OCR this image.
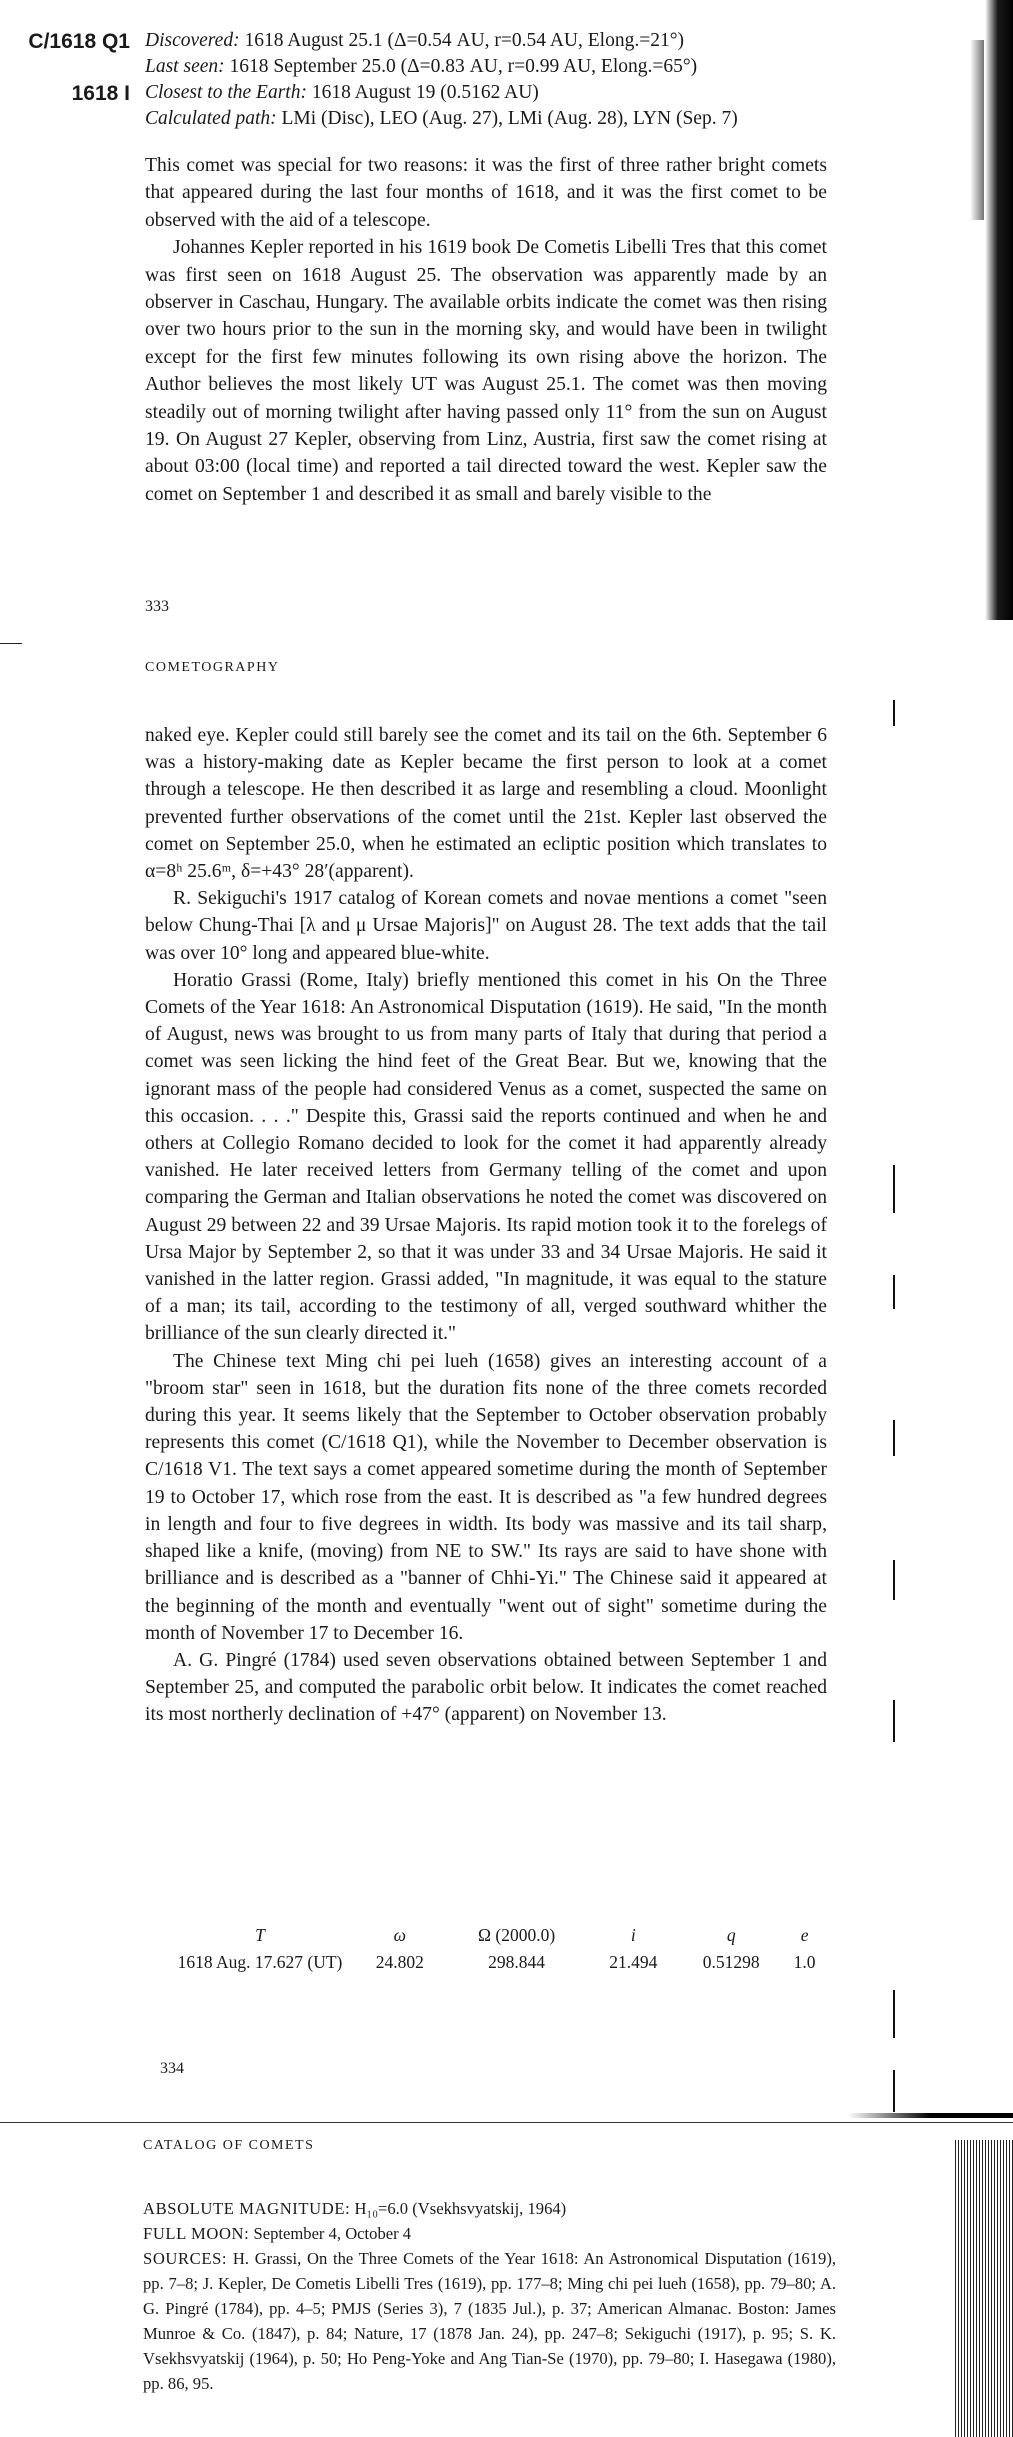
C/1618 Q1
1618 I
Discovered: 1618 August 25.1 (Δ=0.54 AU, r=0.54 AU, Elong.=21°)
Last seen: 1618 September 25.0 (Δ=0.83 AU, r=0.99 AU, Elong.=65°)
Closest to the Earth: 1618 August 19 (0.5162 AU)
Calculated path: LMi (Disc), LEO (Aug. 27), LMi (Aug. 28), LYN (Sep. 7)

This comet was special for two reasons: it was the first of three rather bright comets that appeared during the last four months of 1618, and it was the first comet to be observed with the aid of a telescope.

Johannes Kepler reported in his 1619 book De Cometis Libelli Tres that this comet was first seen on 1618 August 25. The observation was apparently made by an observer in Caschau, Hungary. The available orbits indicate the comet was then rising over two hours prior to the sun in the morning sky, and would have been in twilight except for the first few minutes following its own rising above the horizon. The Author believes the most likely UT was August 25.1. The comet was then moving steadily out of morning twilight after having passed only 11° from the sun on August 19. On August 27 Kepler, observing from Linz, Austria, first saw the comet rising at about 03:00 (local time) and reported a tail directed toward the west. Kepler saw the comet on September 1 and described it as small and barely visible to the

333
COMETOGRAPHY

naked eye. Kepler could still barely see the comet and its tail on the 6th. September 6 was a history-making date as Kepler became the first person to look at a comet through a telescope. He then described it as large and resembling a cloud. Moonlight prevented further observations of the comet until the 21st. Kepler last observed the comet on September 25.0, when he estimated an ecliptic position which translates to α=8ʰ 25.6ᵐ, δ=+43° 28′(apparent).

R. Sekiguchi's 1917 catalog of Korean comets and novae mentions a comet "seen below Chung-Thai [λ and μ Ursae Majoris]" on August 28. The text adds that the tail was over 10° long and appeared blue-white.

Horatio Grassi (Rome, Italy) briefly mentioned this comet in his On the Three Comets of the Year 1618: An Astronomical Disputation (1619). He said, "In the month of August, news was brought to us from many parts of Italy that during that period a comet was seen licking the hind feet of the Great Bear. But we, knowing that the ignorant mass of the people had considered Venus as a comet, suspected the same on this occasion. . . ." Despite this, Grassi said the reports continued and when he and others at Collegio Romano decided to look for the comet it had apparently already vanished. He later received letters from Germany telling of the comet and upon comparing the German and Italian observations he noted the comet was discovered on August 29 between 22 and 39 Ursae Majoris. Its rapid motion took it to the forelegs of Ursa Major by September 2, so that it was under 33 and 34 Ursae Majoris. He said it vanished in the latter region. Grassi added, "In magnitude, it was equal to the stature of a man; its tail, according to the testimony of all, verged southward whither the brilliance of the sun clearly directed it."

The Chinese text Ming chi pei lueh (1658) gives an interesting account of a "broom star" seen in 1618, but the duration fits none of the three comets recorded during this year. It seems likely that the September to October observation probably represents this comet (C/1618 Q1), while the November to December observation is C/1618 V1. The text says a comet appeared sometime during the month of September 19 to October 17, which rose from the east. It is described as "a few hundred degrees in length and four to five degrees in width. Its body was massive and its tail sharp, shaped like a knife, (moving) from NE to SW." Its rays are said to have shone with brilliance and is described as a "banner of Chhi-Yi." The Chinese said it appeared at the beginning of the month and eventually "went out of sight" sometime during the month of November 17 to December 16.

A. G. Pingré (1784) used seven observations obtained between September 1 and September 25, and computed the parabolic orbit below. It indicates the comet reached its most northerly declination of +47° (apparent) on November 13.

T	ω	Ω (2000.0)	i	q	e
1618 Aug. 17.627 (UT)	24.802	298.844	21.494	0.51298	1.0
334
CATALOG OF COMETS

ABSOLUTE MAGNITUDE: H₁₀=6.0 (Vsekhsvyatskij, 1964)

FULL MOON: September 4, October 4

SOURCES: H. Grassi, On the Three Comets of the Year 1618: An Astronomical Disputation (1619), pp. 7–8; J. Kepler, De Cometis Libelli Tres (1619), pp. 177–8; Ming chi pei lueh (1658), pp. 79–80; A. G. Pingré (1784), pp. 4–5; PMJS (Series 3), 7 (1835 Jul.), p. 37; American Almanac. Boston: James Munroe & Co. (1847), p. 84; Nature, 17 (1878 Jan. 24), pp. 247–8; Sekiguchi (1917), p. 95; S. K. Vsekhsvyatskij (1964), p. 50; Ho Peng-Yoke and Ang Tian-Se (1970), pp. 79–80; I. Hasegawa (1980), pp. 86, 95.
